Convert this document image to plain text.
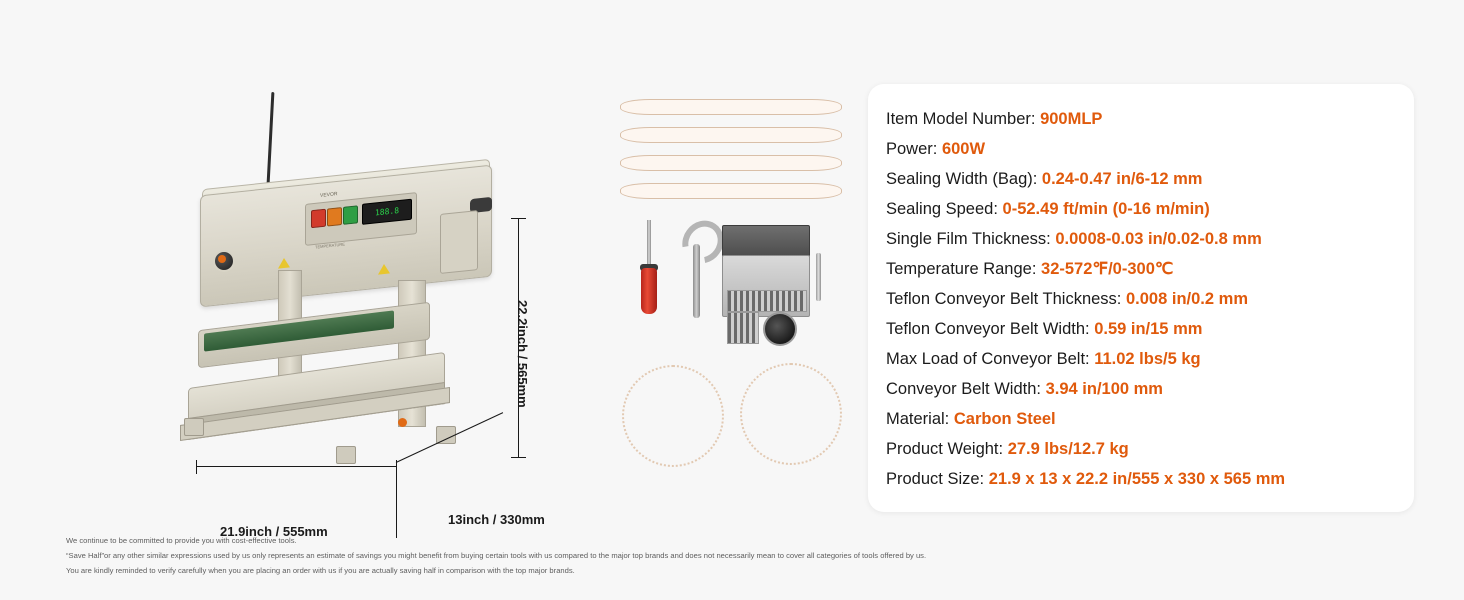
VEVOR
188.8
TEMPERATURE
22.2inch / 565mm
21.9inch / 555mm
13inch / 330mm
Item Model Number: 900MLP
Power: 600W
Sealing Width (Bag): 0.24-0.47 in/6-12 mm
Sealing Speed: 0-52.49 ft/min (0-16 m/min)
Single Film Thickness: 0.0008-0.03 in/0.02-0.8 mm
Temperature Range: 32-572℉/0-300℃
Teflon Conveyor Belt Thickness: 0.008 in/0.2 mm
Teflon Conveyor Belt Width: 0.59 in/15 mm
Max Load of Conveyor Belt: 11.02 lbs/5 kg
Conveyor Belt Width: 3.94 in/100 mm
Material: Carbon Steel
Product Weight: 27.9 lbs/12.7 kg
Product Size: 21.9 x 13 x 22.2 in/555 x 330 x 565 mm

We continue to be committed to provide you with cost-effective tools.

“Save Half”or any other similar expressions used by us only represents an estimate of savings you might benefit from buying certain tools with us compared to the major top brands and does not necessarily mean to cover all categories of tools offered by us.

You are kindly reminded to verify carefully when you are placing an order with us if you are actually saving half in comparison with the top major brands.
